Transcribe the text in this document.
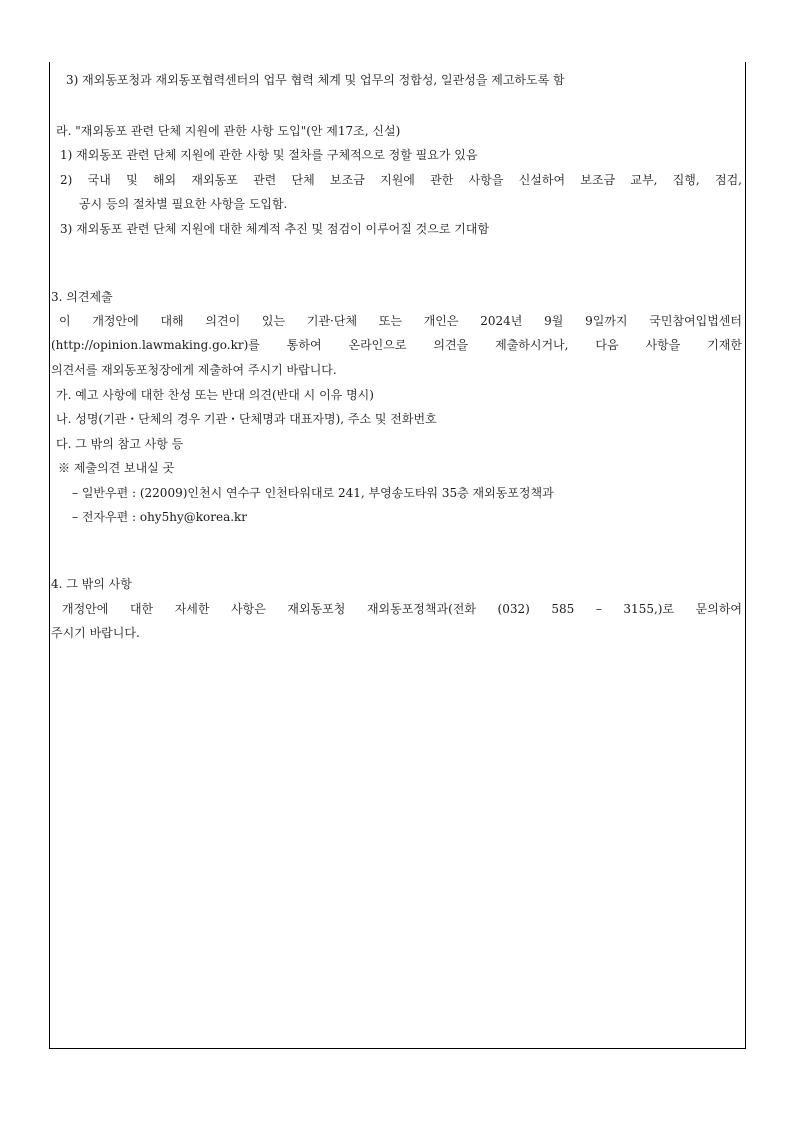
3) 재외동포청과 재외동포협력센터의 업무 협력 체계 및 업무의 정합성, 일관성을 제고하도록 함
라. "재외동포 관련 단체 지원에 관한 사항 도입"(안 제17조, 신설)
1) 재외동포 관련 단체 지원에 관한 사항 및 절차를 구체적으로 정할 필요가 있음
2) 국내 및 해외 재외동포 관련 단체 보조금 지원에 관한 사항을 신설하여 보조금 교부, 집행, 점검,
공시 등의 절차별 필요한 사항을 도입함.
3) 재외동포 관련 단체 지원에 대한 체계적 추진 및 점검이 이루어질 것으로 기대함
3. 의견제출
이 개정안에 대해 의견이 있는 기관·단체 또는 개인은 2024년 9월 9일까지 국민참여입법센터
(http://opinion.lawmaking.go.kr)를 통하여 온라인으로 의견을 제출하시거나, 다음 사항을 기재한
의견서를 재외동포청장에게 제출하여 주시기 바랍니다.
가. 예고 사항에 대한 찬성 또는 반대 의견(반대 시 이유 명시)
나. 성명(기관・단체의 경우 기관・단체명과 대표자명), 주소 및 전화번호
다. 그 밖의 참고 사항 등
※ 제출의견 보내실 곳
– 일반우편 : (22009)인천시 연수구 인천타워대로 241, 부영송도타워 35층 재외동포정책과
– 전자우편 : ohy5hy@korea.kr
4. 그 밖의 사항
개정안에 대한 자세한 사항은 재외동포청 재외동포정책과(전화 (032) 585 – 3155,)로 문의하여
주시기 바랍니다.
